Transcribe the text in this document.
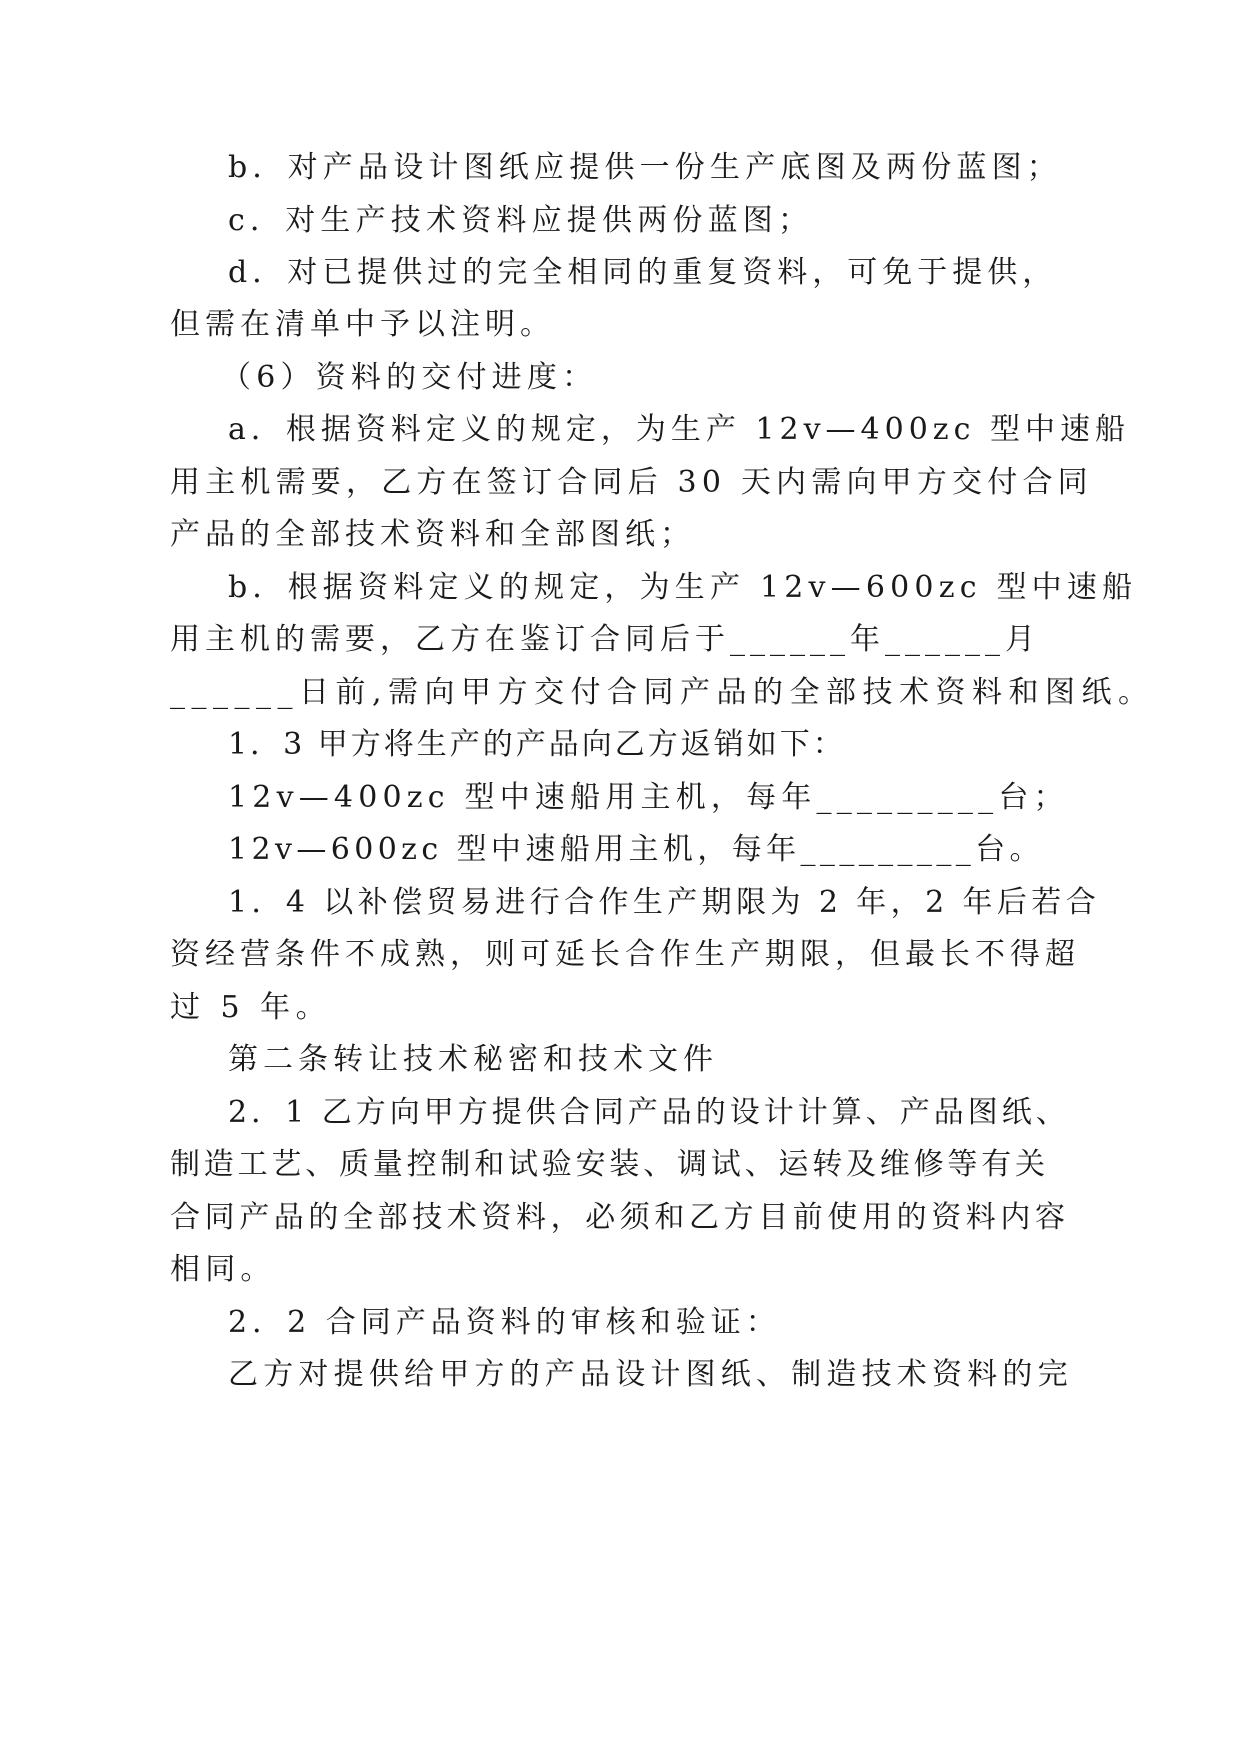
b．对产品设计图纸应提供一份生产底图及两份蓝图；
c．对生产技术资料应提供两份蓝图；
d．对已提供过的完全相同的重复资料，可免于提供，
但需在清单中予以注明。
（6）资料的交付进度：
a．根据资料定义的规定，为生产 12v—400zc 型中速船
用主机需要，乙方在签订合同后 30 天内需向甲方交付合同
产品的全部技术资料和全部图纸；
b．根据资料定义的规定，为生产 12v—600zc 型中速船
用主机的需要，乙方在鉴订合同后于______年______月
______日前,需向甲方交付合同产品的全部技术资料和图纸。
1．3 甲方将生产的产品向乙方返销如下：
12v—400zc 型中速船用主机，每年_________台；
12v—600zc 型中速船用主机，每年_________台。
1．4 以补偿贸易进行合作生产期限为 2 年，2 年后若合
资经营条件不成熟，则可延长合作生产期限，但最长不得超
过 5 年。
第二条转让技术秘密和技术文件
2．1 乙方向甲方提供合同产品的设计计算、产品图纸、
制造工艺、质量控制和试验安装、调试、运转及维修等有关
合同产品的全部技术资料，必须和乙方目前使用的资料内容
相同。
2．2 合同产品资料的审核和验证：
乙方对提供给甲方的产品设计图纸、制造技术资料的完
